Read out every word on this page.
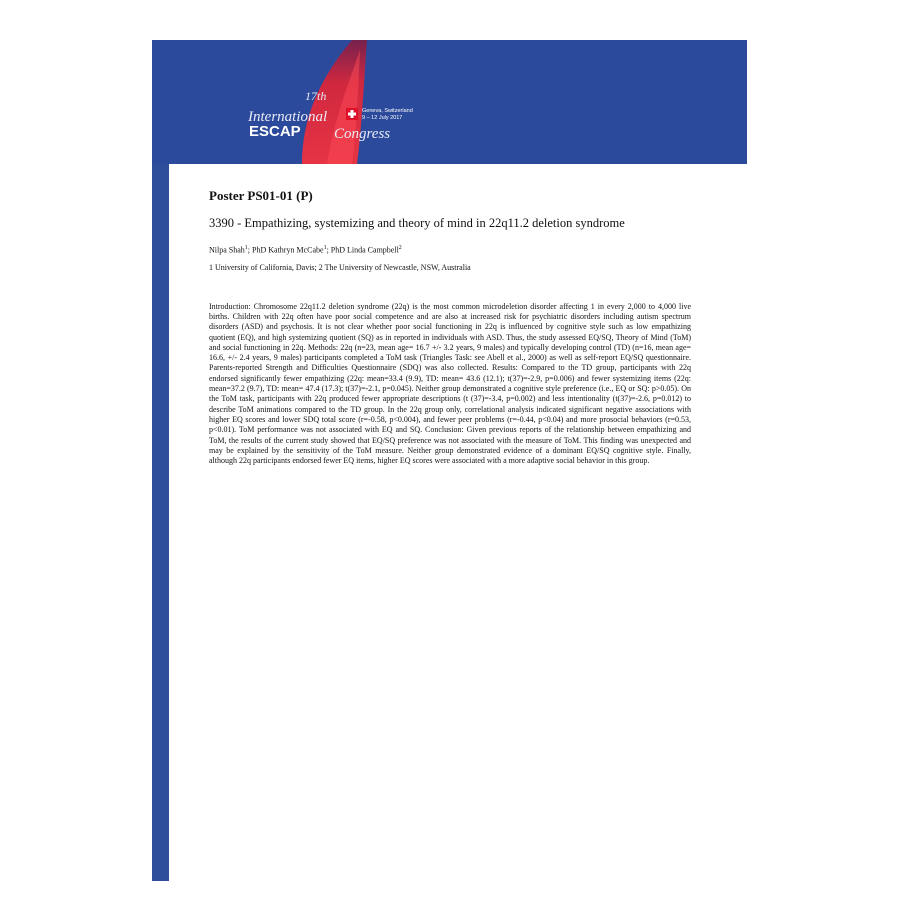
17th
International
ESCAP Congress
Geneva, Switzerland
9 – 12 July 2017

Poster PS01-01 (P)

3390 - Empathizing, systemizing and theory of mind in 22q11.2 deletion syndrome

Nilpa Shah$^1$; PhD Kathryn McCabe$^1$; PhD Linda Campbell$^2$

1 University of California, Davis; 2 The University of Newcastle, NSW, Australia

Introduction: Chromosome 22q11.2 deletion syndrome (22q) is the most common microdeletion disorder affecting 1 in every 2,000 to 4,000 live births. Children with 22q often have poor social competence and are also at increased risk for psychiatric disorders including autism spectrum disorders (ASD) and psychosis. It is not clear whether poor social functioning in 22q is influenced by cognitive style such as low empathizing quotient (EQ), and high systemizing quotient (SQ) as in reported in individuals with ASD. Thus, the study assessed EQ/SQ, Theory of Mind (ToM) and social functioning in 22q. Methods: 22q (n=23, mean age= 16.7 +/- 3.2 years, 9 males) and typically developing control (TD) (n=16, mean age= 16.6, +/- 2.4 years, 9 males) participants completed a ToM task (Triangles Task: see Abell et al., 2000) as well as self-report EQ/SQ questionnaire. Parents-reported Strength and Difficulties Questionnaire (SDQ) was also collected. Results: Compared to the TD group, participants with 22q endorsed significantly fewer empathizing (22q: mean=33.4 (9.9), TD: mean= 43.6 (12.1); t(37)=-2.9, p=0.006) and fewer systemizing items (22q: mean=37.2 (9.7), TD: mean= 47.4 (17.3); t(37)=-2.1, p=0.045). Neither group demonstrated a cognitive style preference (i.e., EQ or SQ: p>0.05). On the ToM task, participants with 22q produced fewer appropriate descriptions (t (37)=-3.4, p=0.002) and less intentionality (t(37)=-2.6, p=0.012) to describe ToM animations compared to the TD group. In the 22q group only, correlational analysis indicated significant negative associations with higher EQ scores and lower SDQ total score (r=-0.58, p<0.004), and fewer peer problems (r=-0.44, p<0.04) and more prosocial behaviors (r=0.53, p<0.01). ToM performance was not associated with EQ and SQ. Conclusion: Given previous reports of the relationship between empathizing and ToM, the results of the current study showed that EQ/SQ preference was not associated with the measure of ToM. This finding was unexpected and may be explained by the sensitivity of the ToM measure. Neither group demonstrated evidence of a dominant EQ/SQ cognitive style. Finally, although 22q participants endorsed fewer EQ items, higher EQ scores were associated with a more adaptive social behavior in this group.
